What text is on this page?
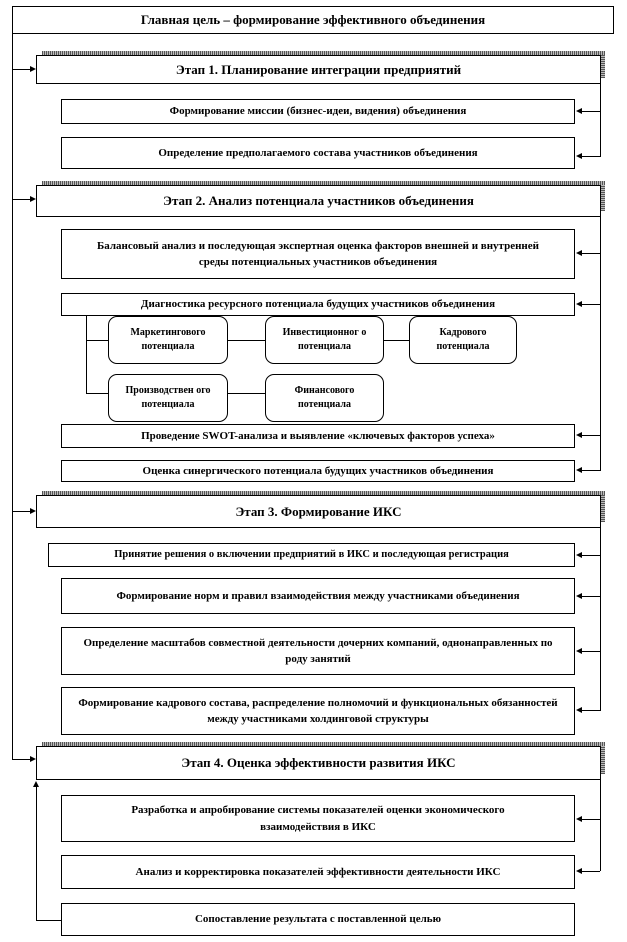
Главная цель – формирование эффективного объединения
Этап 1. Планирование интеграции предприятий
Формирование миссии (бизнес-идеи, видения) объединения
Определение предполагаемого состава участников объединения
Этап 2. Анализ потенциала участников объединения
Балансовый анализ и последующая экспертная оценка факторов внешней и внутренней среды потенциальных участников объединения
Диагностика ресурсного потенциала будущих участников объединения
Маркетингового потенциала
Инвестиционног о потенциала
Кадрового потенциала
Производствен ого потенциала
Финансового потенциала
Проведение SWOT-анализа и выявление «ключевых факторов успеха»
Оценка синергического потенциала будущих участников объединения
Этап 3. Формирование ИКС
Принятие решения о включении предприятий в ИКС и последующая регистрация
Формирование норм и правил взаимодействия между участниками объединения
Определение масштабов совместной деятельности дочерних компаний, однонаправленных по роду занятий
Формирование кадрового состава, распределение полномочий и функциональных обязанностей между участниками холдинговой структуры
Этап 4. Оценка эффективности развития ИКС
Разработка и апробирование системы показателей оценки экономического взаимодействия в ИКС
Анализ и корректировка показателей эффективности деятельности ИКС
Сопоставление результата с поставленной целью
